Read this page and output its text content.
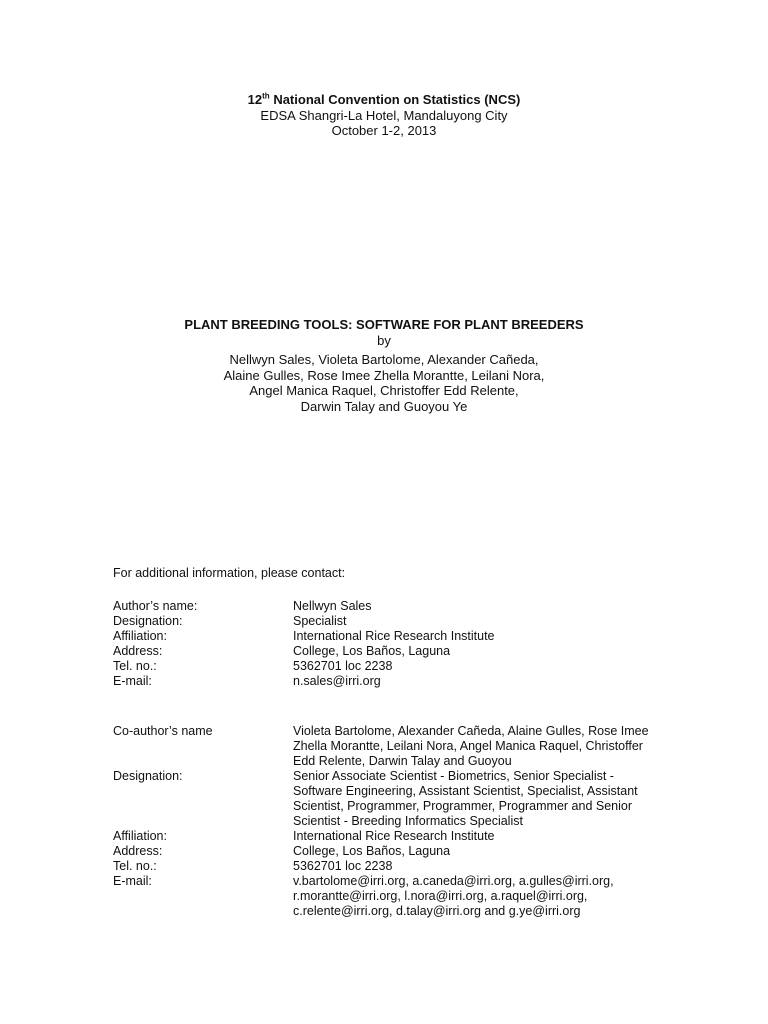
12th National Convention on Statistics (NCS)
EDSA Shangri-La Hotel, Mandaluyong City
October 1-2, 2013
PLANT BREEDING TOOLS: SOFTWARE FOR PLANT BREEDERS
by
Nellwyn Sales, Violeta Bartolome, Alexander Cañeda,
Alaine Gulles, Rose Imee Zhella Morantte, Leilani Nora,
Angel Manica Raquel, Christoffer Edd Relente,
Darwin Talay and Guoyou Ye
For additional information, please contact:
Author’s name:	Nellwyn Sales
Designation:	Specialist
Affiliation:	International Rice Research Institute
Address:	College, Los Baños, Laguna
Tel. no.:	5362701 loc 2238
E-mail:	n.sales@irri.org
Co-author’s name	Violeta Bartolome, Alexander Cañeda, Alaine Gulles, Rose Imee
Zhella Morantte, Leilani Nora, Angel Manica Raquel, Christoffer
Edd Relente, Darwin Talay and Guoyou
Designation:	Senior Associate Scientist - Biometrics, Senior Specialist -
Software Engineering, Assistant Scientist, Specialist, Assistant
Scientist, Programmer, Programmer, Programmer and Senior
Scientist - Breeding Informatics Specialist
Affiliation:	International Rice Research Institute
Address:	College, Los Baños, Laguna
Tel. no.:	5362701 loc 2238
E-mail:	v.bartolome@irri.org, a.caneda@irri.org, a.gulles@irri.org,
r.morantte@irri.org, l.nora@irri.org, a.raquel@irri.org,
c.relente@irri.org, d.talay@irri.org and g.ye@irri.org
